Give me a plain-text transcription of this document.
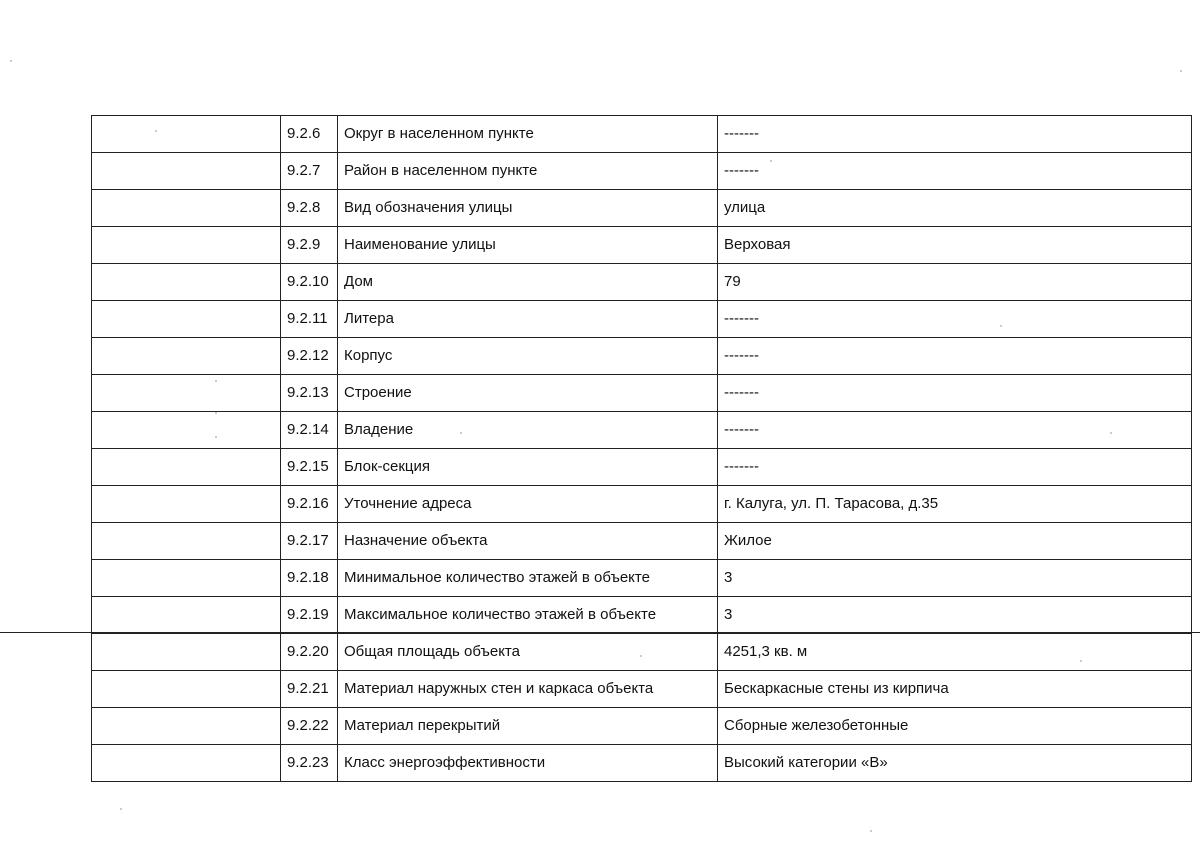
	9.2.6	Округ в населенном пункте	-------
	9.2.7	Район в населенном пункте	-------
	9.2.8	Вид обозначения улицы	улица
	9.2.9	Наименование улицы	Верховая
	9.2.10	Дом	79
	9.2.11	Литера	-------
	9.2.12	Корпус	-------
	9.2.13	Строение	-------
	9.2.14	Владение	-------
	9.2.15	Блок-секция	-------
	9.2.16	Уточнение адреса	г. Калуга, ул. П. Тарасова, д.35
	9.2.17	Назначение объекта	Жилое
	9.2.18	Минимальное количество этажей в объекте	3
	9.2.19	Максимальное количество этажей в объекте	3
	9.2.20	Общая площадь объекта	4251,3 кв. м
	9.2.21	Материал наружных стен и каркаса объекта	Бескаркасные стены из кирпича
	9.2.22	Материал перекрытий	Сборные железобетонные
	9.2.23	Класс энергоэффективности	Высокий категории «В»
